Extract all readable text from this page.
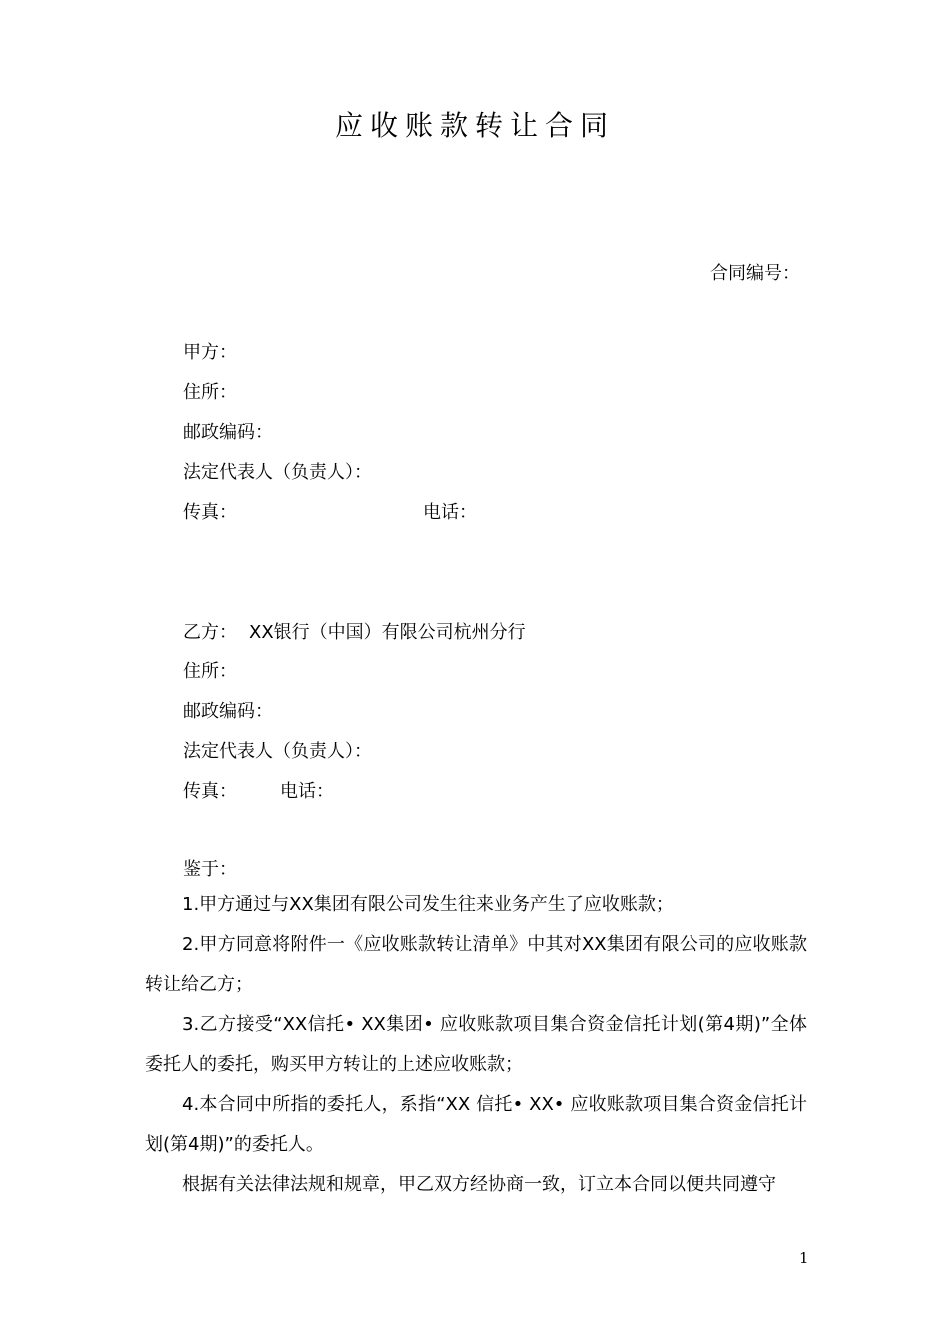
应收账款转让合同
合同编号：
甲方：
住所：
邮政编码：
法定代表人（负责人）：
传真：	电话：
乙方： XX银行（中国）有限公司杭州分行
住所：
邮政编码：
法定代表人（负责人）：
传真： 电话：
鉴于：

1.甲方通过与XX集团有限公司发生往来业务产生了应收账款；

2.甲方同意将附件一《应收账款转让清单》中其对XX集团有限公司的应收账款转让给乙方；

3.乙方接受“XX信托• XX集团• 应收账款项目集合资金信托计划(第4期)”全体委托人的委托，购买甲方转让的上述应收账款；

4.本合同中所指的委托人，系指“XX 信托• XX• 应收账款项目集合资金信托计划(第4期)”的委托人。

根据有关法律法规和规章，甲乙双方经协商一致，订立本合同以便共同遵守

1
